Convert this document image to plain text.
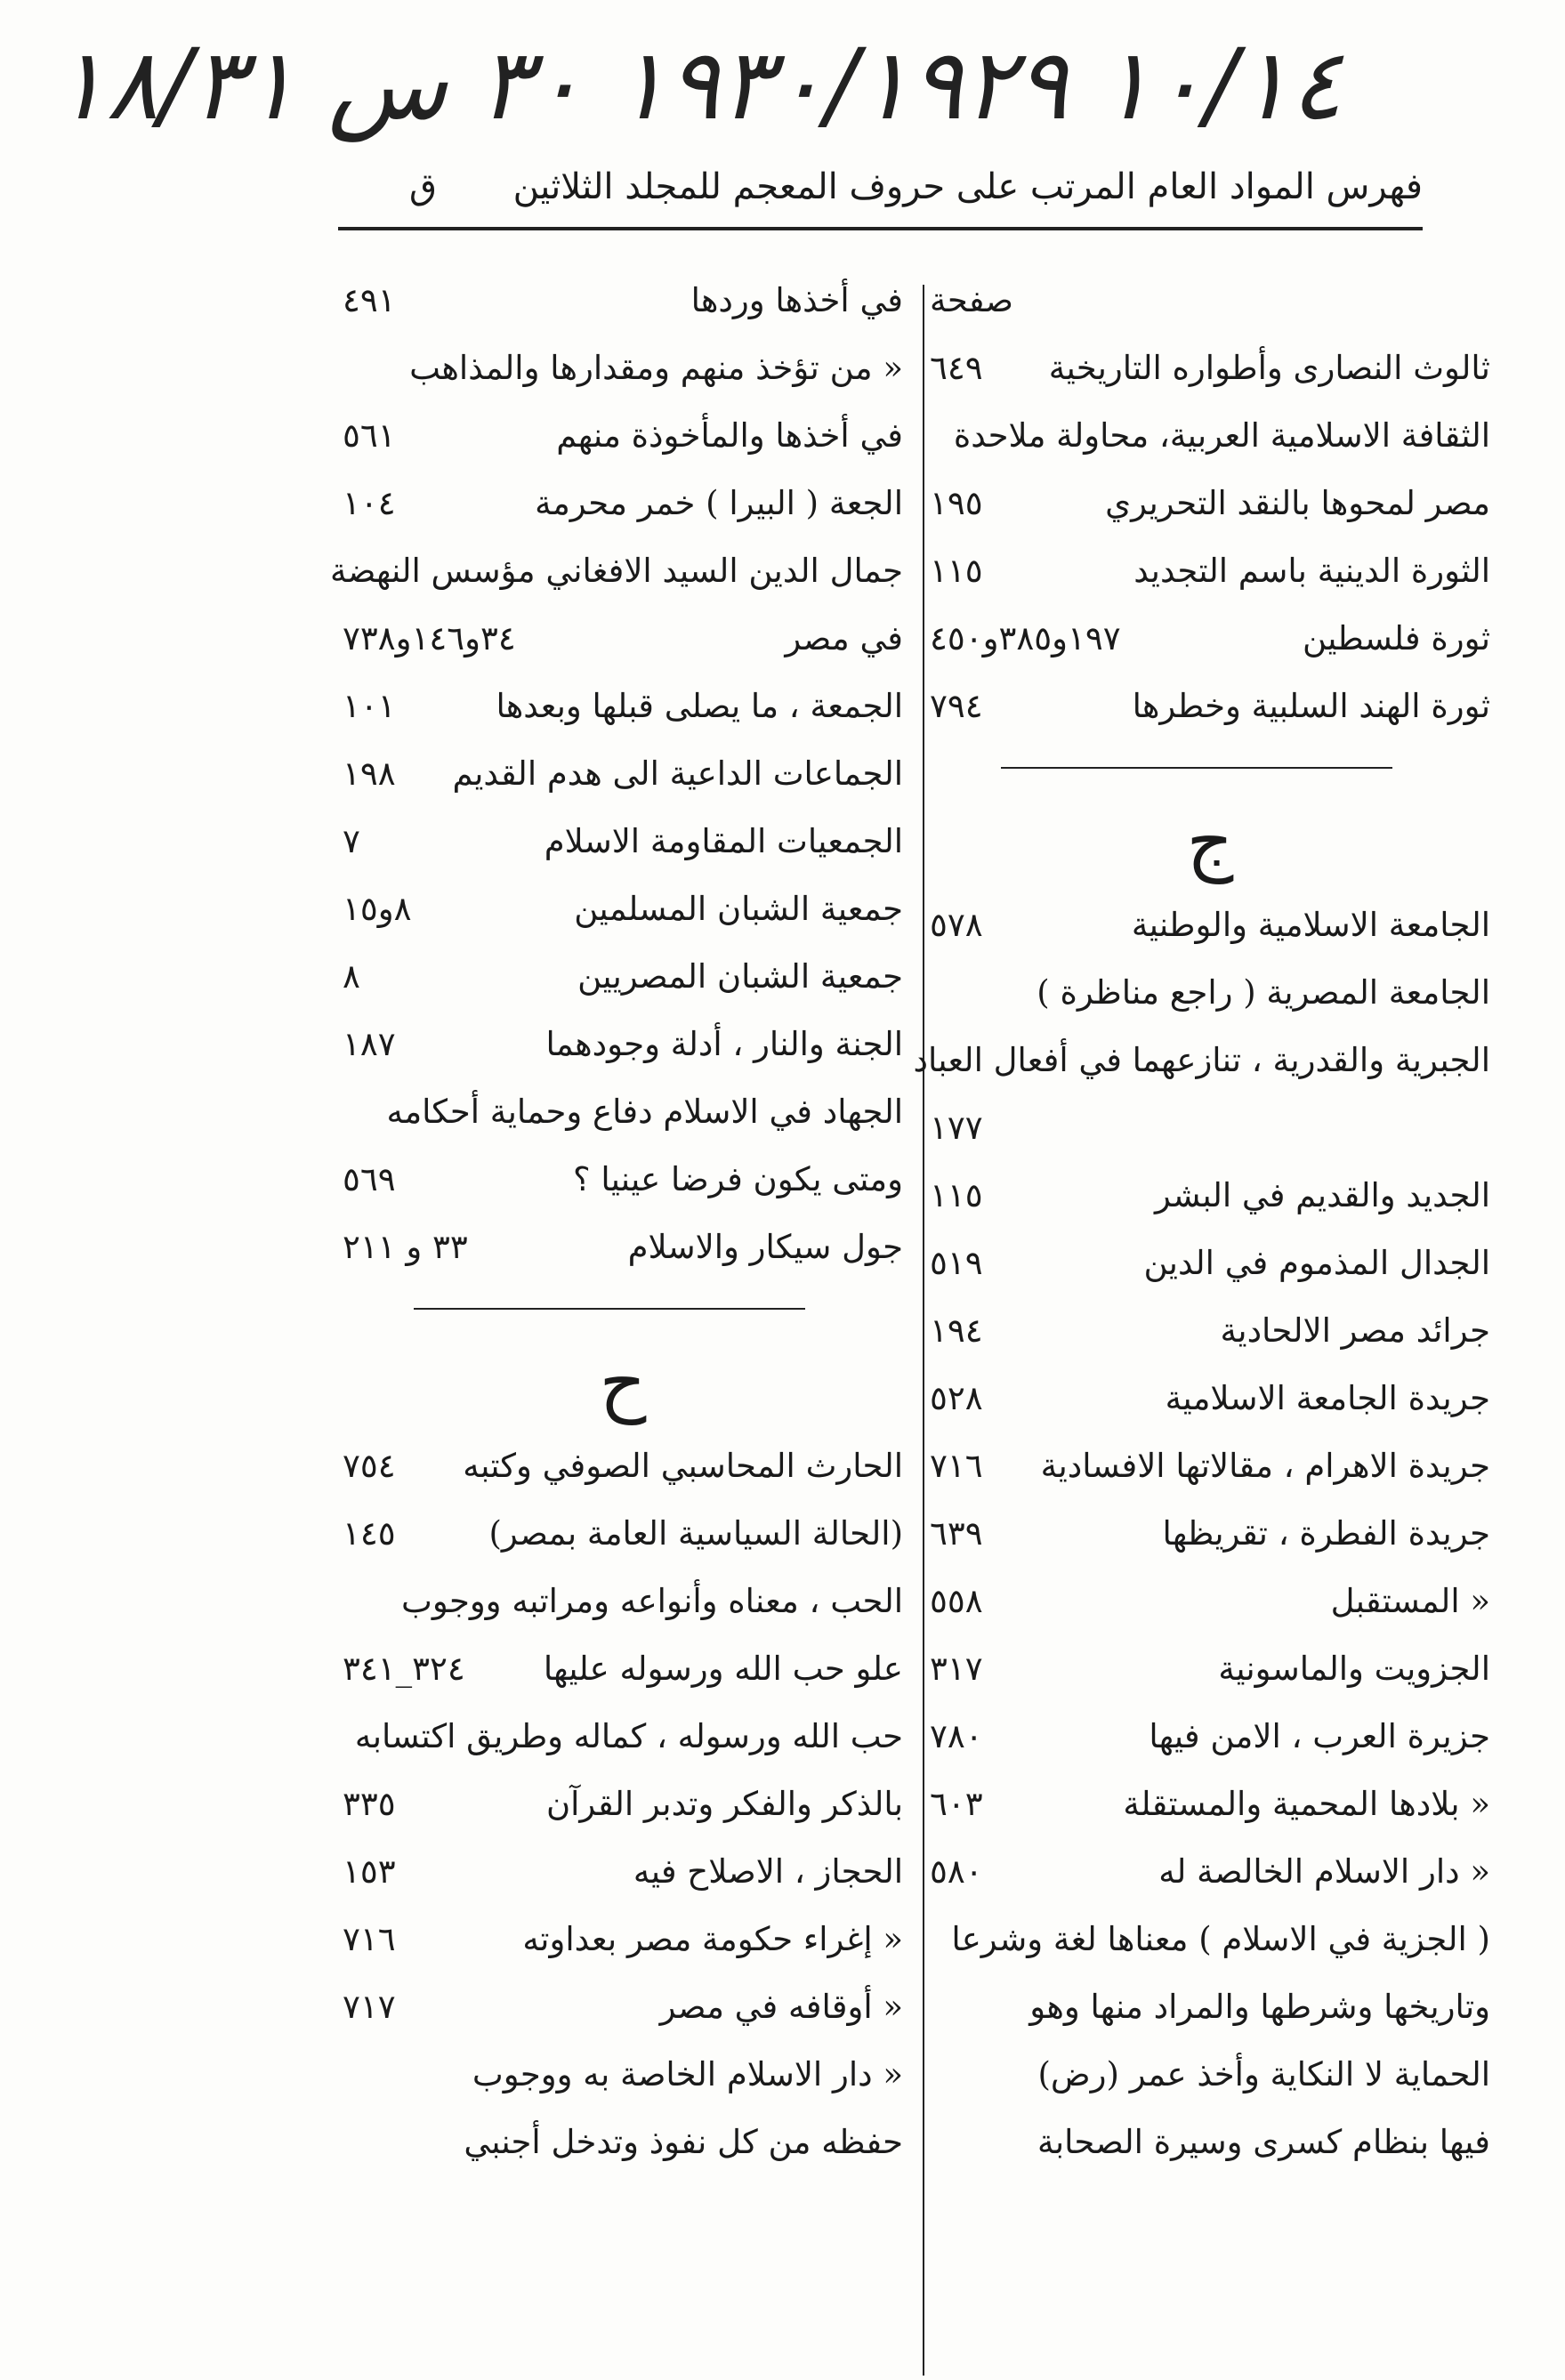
١٠/١٤ ١٩٣٠/١٩٢٩ ٣٠ س ١٨/٣١
فهرس المواد العام المرتب على حروف المعجم للمجلد الثلاثين
ق
صفحة
ثالوث النصارى وأطواره التاريخية
٦٤٩
الثقافة الاسلامية العربية، محاولة ملاحدة
مصر لمحوها بالنقد التحريري
١٩٥
الثورة الدينية باسم التجديد
١١٥
ثورة فلسطين
١٩٧و٣٨٥و٤٥٠
ثورة الهند السلبية وخطرها
٧٩٤
ج
الجامعة الاسلامية والوطنية
٥٧٨
الجامعة المصرية ( راجع مناظرة )
الجبرية والقدرية ، تنازعهما في أفعال العباد
١٧٧
الجديد والقديم في البشر
١١٥
الجدال المذموم في الدين
٥١٩
جرائد مصر الالحادية
١٩٤
جريدة الجامعة الاسلامية
٥٢٨
جريدة الاهرام ، مقالاتها الافسادية
٧١٦
جريدة الفطرة ، تقريظها
٦٣٩
« المستقبل
٥٥٨
الجزويت والماسونية
٣١٧
جزيرة العرب ، الامن فيها
٧٨٠
« بلادها المحمية والمستقلة
٦٠٣
« دار الاسلام الخالصة له
٥٨٠
( الجزية في الاسلام ) معناها لغة وشرعا
وتاريخها وشرطها والمراد منها وهو
الحماية لا النكاية وأخذ عمر (رض)
فيها بنظام كسرى وسيرة الصحابة
في أخذها وردها
٤٩١
« من تؤخذ منهم ومقدارها والمذاهب
في أخذها والمأخوذة منهم
٥٦١
الجعة ( البيرا ) خمر محرمة
١٠٤
جمال الدين السيد الافغاني مؤسس النهضة
في مصر
٣٤و١٤٦و٧٣٨
الجمعة ، ما يصلى قبلها وبعدها
١٠١
الجماعات الداعية الى هدم القديم
١٩٨
الجمعيات المقاومة الاسلام
٧
جمعية الشبان المسلمين
٨و١٥
جمعية الشبان المصريين
٨
الجنة والنار ، أدلة وجودهما
١٨٧
الجهاد في الاسلام دفاع وحماية أحكامه
ومتى يكون فرضا عينيا ؟
٥٦٩
جول سيكار والاسلام
٣٣ و ٢١١
ح
الحارث المحاسبي الصوفي وكتبه
٧٥٤
(الحالة السياسية العامة بمصر)
١٤٥
الحب ، معناه وأنواعه ومراتبه ووجوب
علو حب الله ورسوله عليها
٣٢٤_٣٤١
حب الله ورسوله ، كماله وطريق اكتسابه
بالذكر والفكر وتدبر القرآن
٣٣٥
الحجاز ، الاصلاح فيه
١٥٣
« إغراء حكومة مصر بعداوته
٧١٦
« أوقافه في مصر
٧١٧
« دار الاسلام الخاصة به ووجوب
حفظه من كل نفوذ وتدخل أجنبي
